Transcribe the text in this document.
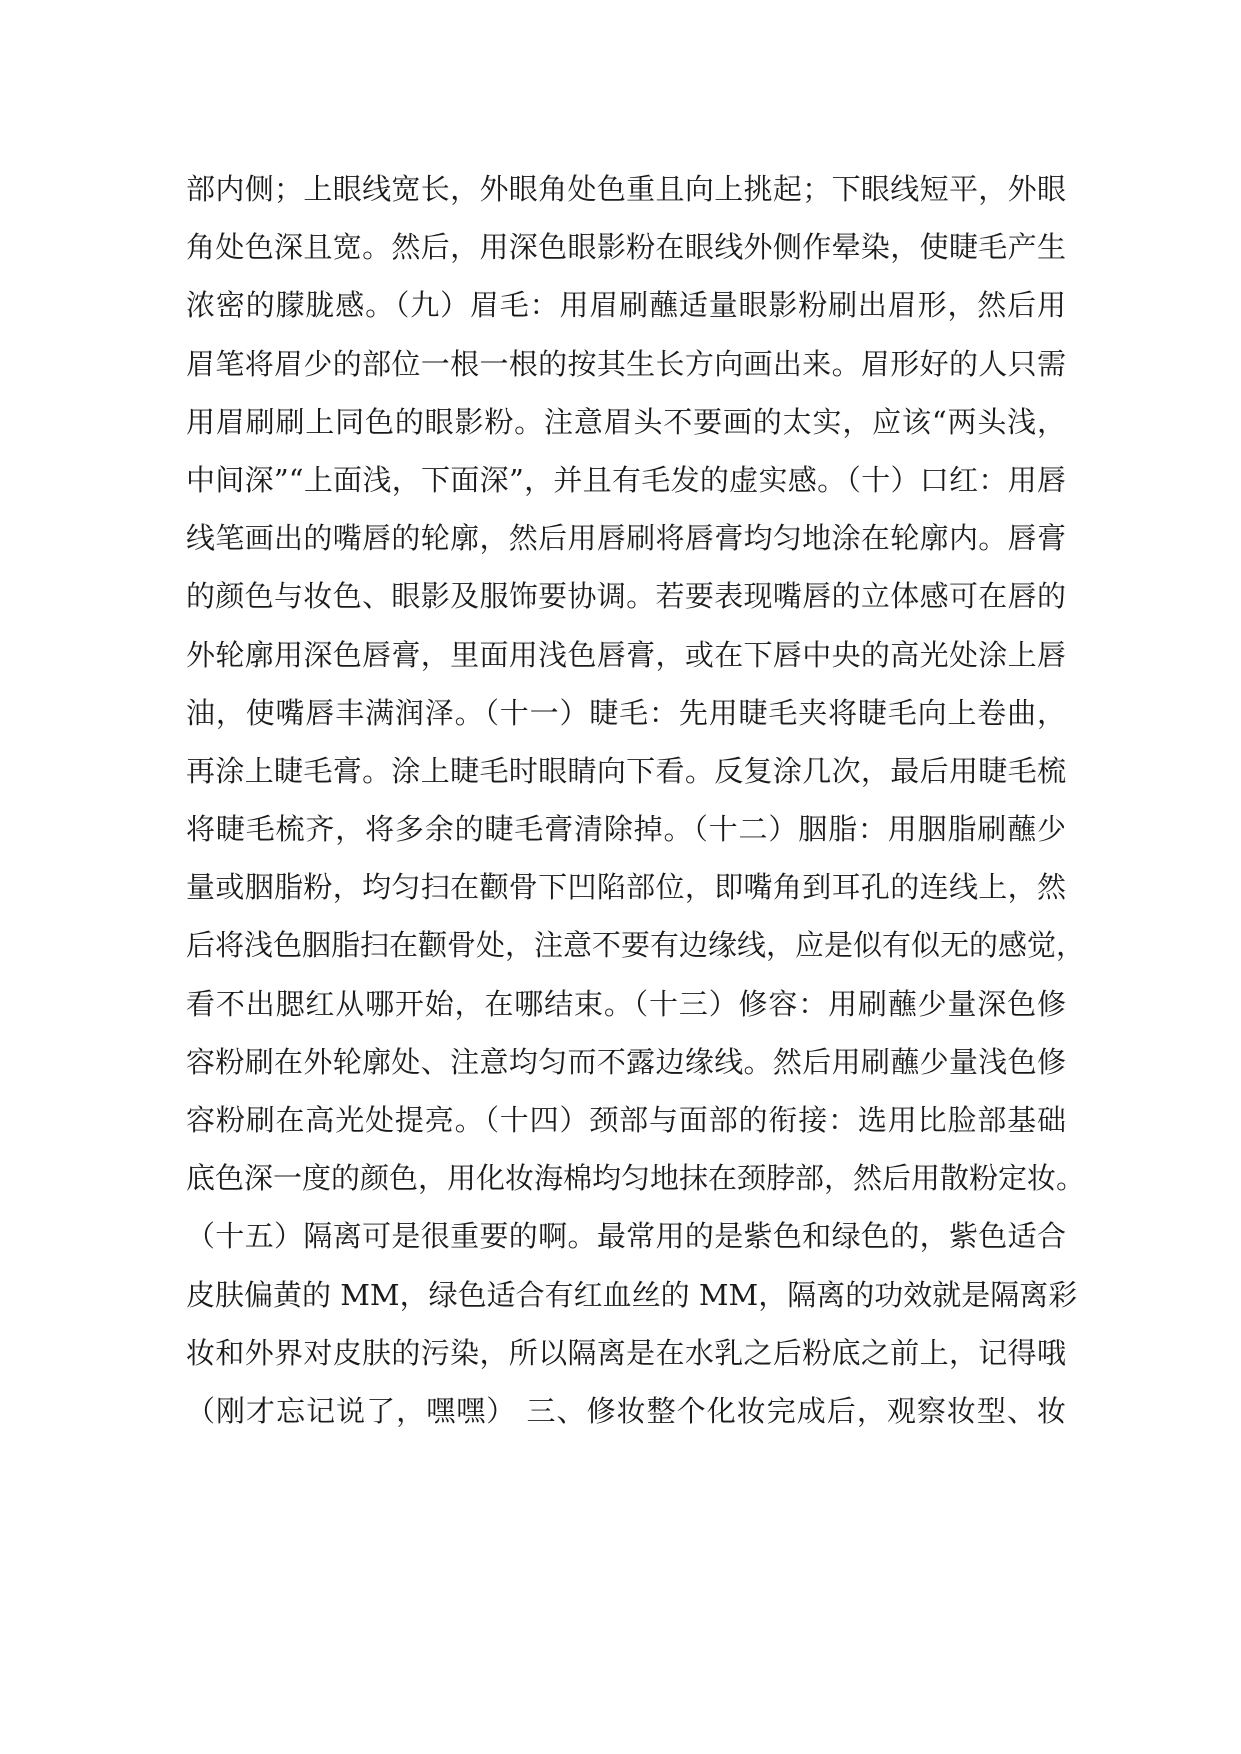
部内侧；上眼线宽长，外眼角处色重且向上挑起；下眼线短平，外眼
角处色深且宽。然后，用深色眼影粉在眼线外侧作晕染，使睫毛产生
浓密的朦胧感。（九）眉毛：用眉刷蘸适量眼影粉刷出眉形，然后用
眉笔将眉少的部位一根一根的按其生长方向画出来。眉形好的人只需
用眉刷刷上同色的眼影粉。注意眉头不要画的太实，应该“两头浅，
中间深”“上面浅，下面深”，并且有毛发的虚实感。（十）口红：用唇
线笔画出的嘴唇的轮廓，然后用唇刷将唇膏均匀地涂在轮廓内。唇膏
的颜色与妆色、眼影及服饰要协调。若要表现嘴唇的立体感可在唇的
外轮廓用深色唇膏，里面用浅色唇膏，或在下唇中央的高光处涂上唇
油，使嘴唇丰满润泽。（十一）睫毛：先用睫毛夹将睫毛向上卷曲，
再涂上睫毛膏。涂上睫毛时眼睛向下看。反复涂几次，最后用睫毛梳
将睫毛梳齐，将多余的睫毛膏清除掉。（十二）胭脂：用胭脂刷蘸少
量或胭脂粉，均匀扫在颧骨下凹陷部位，即嘴角到耳孔的连线上，然
后将浅色胭脂扫在颧骨处，注意不要有边缘线，应是似有似无的感觉，
看不出腮红从哪开始，在哪结束。（十三）修容：用刷蘸少量深色修
容粉刷在外轮廓处、注意均匀而不露边缘线。然后用刷蘸少量浅色修
容粉刷在高光处提亮。（十四）颈部与面部的衔接：选用比脸部基础
底色深一度的颜色，用化妆海棉均匀地抹在颈脖部，然后用散粉定妆。
（十五）隔离可是很重要的啊。最常用的是紫色和绿色的，紫色适合
皮肤偏黄的 MM，绿色适合有红血丝的 MM，隔离的功效就是隔离彩
妆和外界对皮肤的污染，所以隔离是在水乳之后粉底之前上，记得哦
（刚才忘记说了，嘿嘿） 三、修妆整个化妆完成后，观察妆型、妆
